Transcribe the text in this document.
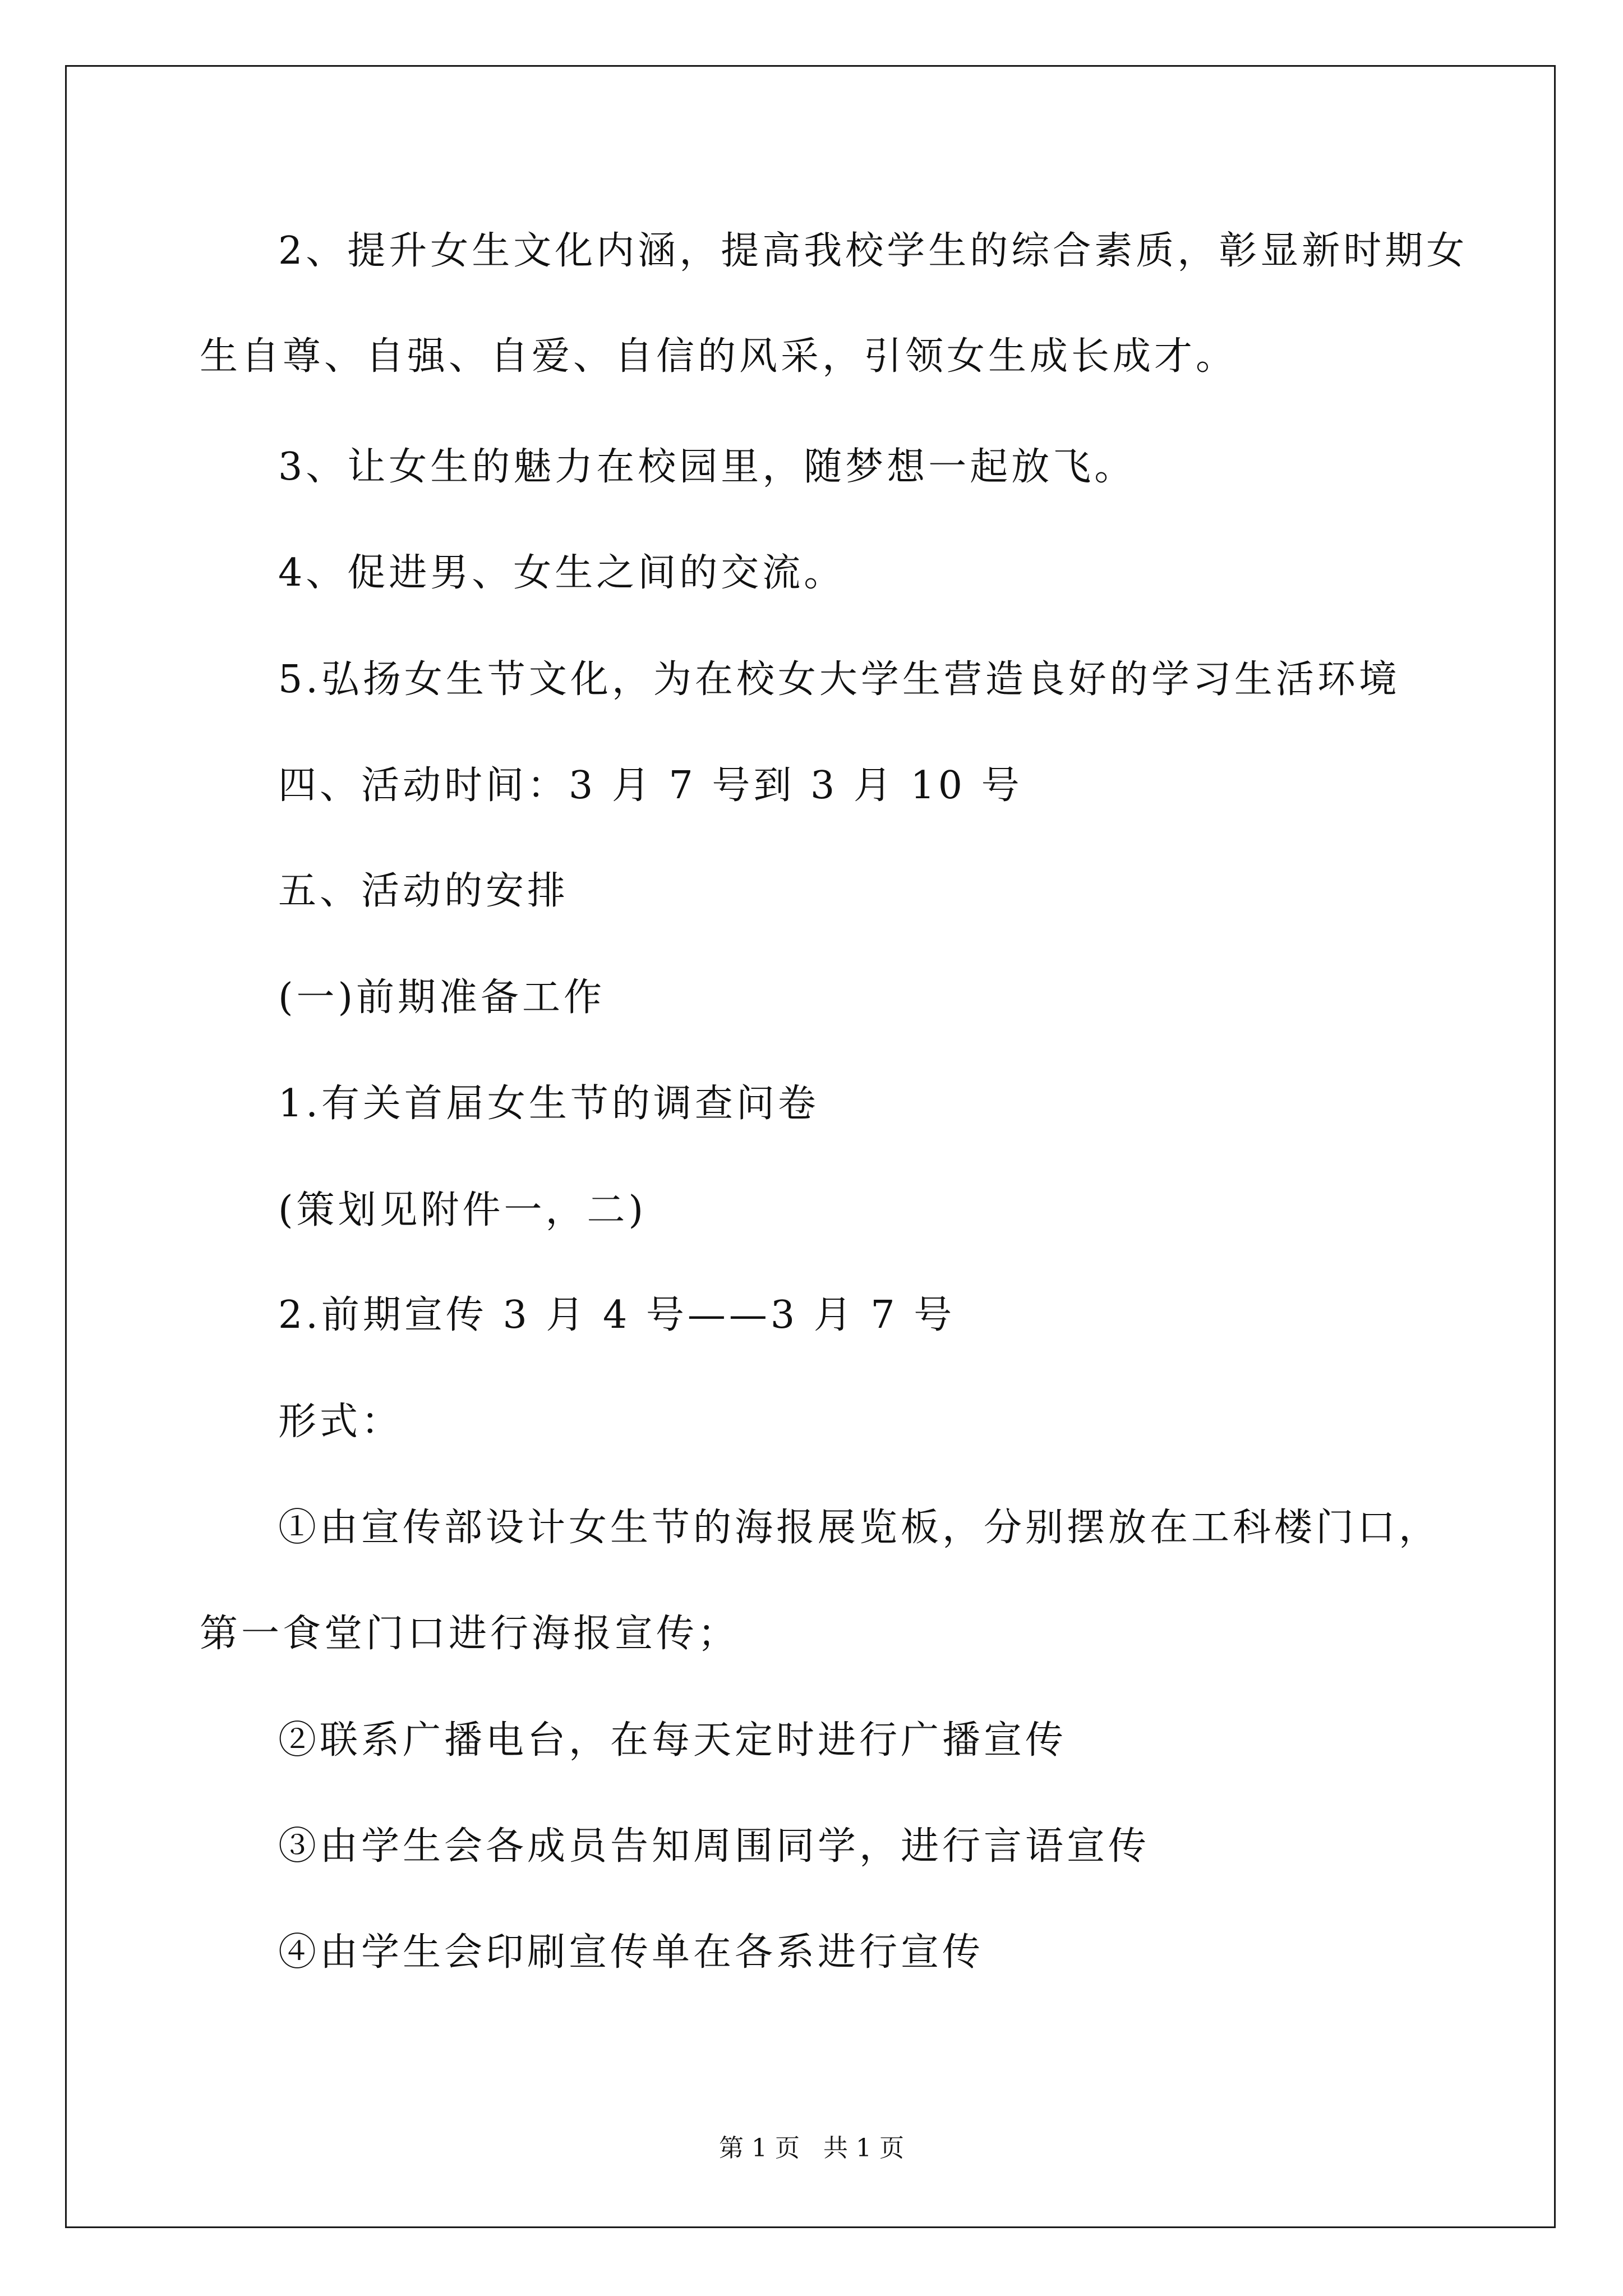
2、提升女生文化内涵，提高我校学生的综合素质，彰显新时期女

生自尊、自强、自爱、自信的风采，引领女生成长成才。

3、让女生的魅力在校园里，随梦想一起放飞。

4、促进男、女生之间的交流。

5.弘扬女生节文化，为在校女大学生营造良好的学习生活环境

四、活动时间：3 月 7 号到 3 月 10 号

五、活动的安排

(一)前期准备工作

1.有关首届女生节的调查问卷

(策划见附件一，二)

2.前期宣传 3 月 4 号——3 月 7 号

形式：

①由宣传部设计女生节的海报展览板，分别摆放在工科楼门口，

第一食堂门口进行海报宣传；

②联系广播电台，在每天定时进行广播宣传

③由学生会各成员告知周围同学，进行言语宣传

④由学生会印刷宣传单在各系进行宣传

第 1 页   共 1 页
